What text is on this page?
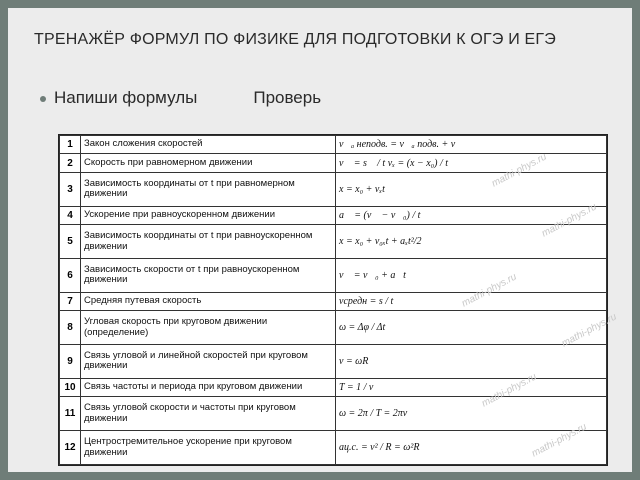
ТРЕНАЖЁР ФОРМУЛ ПО ФИЗИКЕ ДЛЯ ПОДГОТОВКИ К ОГЭ И ЕГЭ
Напиши формулы	Проверь
1	Закон сложения скоростей	v⃗ₐ неподв. = v⃗ₐ подв. + v⃗
2	Скорость при равномерном движении	v⃗ = s⃗ / t vₓ = (x − x₀) / t
3	Зависимость координаты от t при равномерном движении	x = x₀ + vₓt
4	Ускорение при равноускоренном движении	a⃗ = (v⃗ − v⃗₀) / t
5	Зависимость координаты от t при равноускоренном движении	x = x₀ + v₀ₓt + aₓt²/2
6	Зависимость скорости от t при равноускоренном движении	v⃗ = v⃗₀ + a⃗t
7	Средняя путевая скорость	vсредн = s / t
8	Угловая скорость при круговом движении (определение)	ω = Δφ / Δt
9	Связь угловой и линейной скоростей при круговом движении	v = ωR
10	Связь частоты и периода при круговом движении	T = 1 / ν
11	Связь угловой скорости и частоты при круговом движении	ω = 2π / T = 2πν
12	Центростремительное ускорение при круговом движении	aц.с. = v² / R = ω²R
mathi-phys.ru
mathi-phys.ru
mathi-phys.ru
mathi-phys.ru
mathi-phys.ru
mathi-phys.ru
